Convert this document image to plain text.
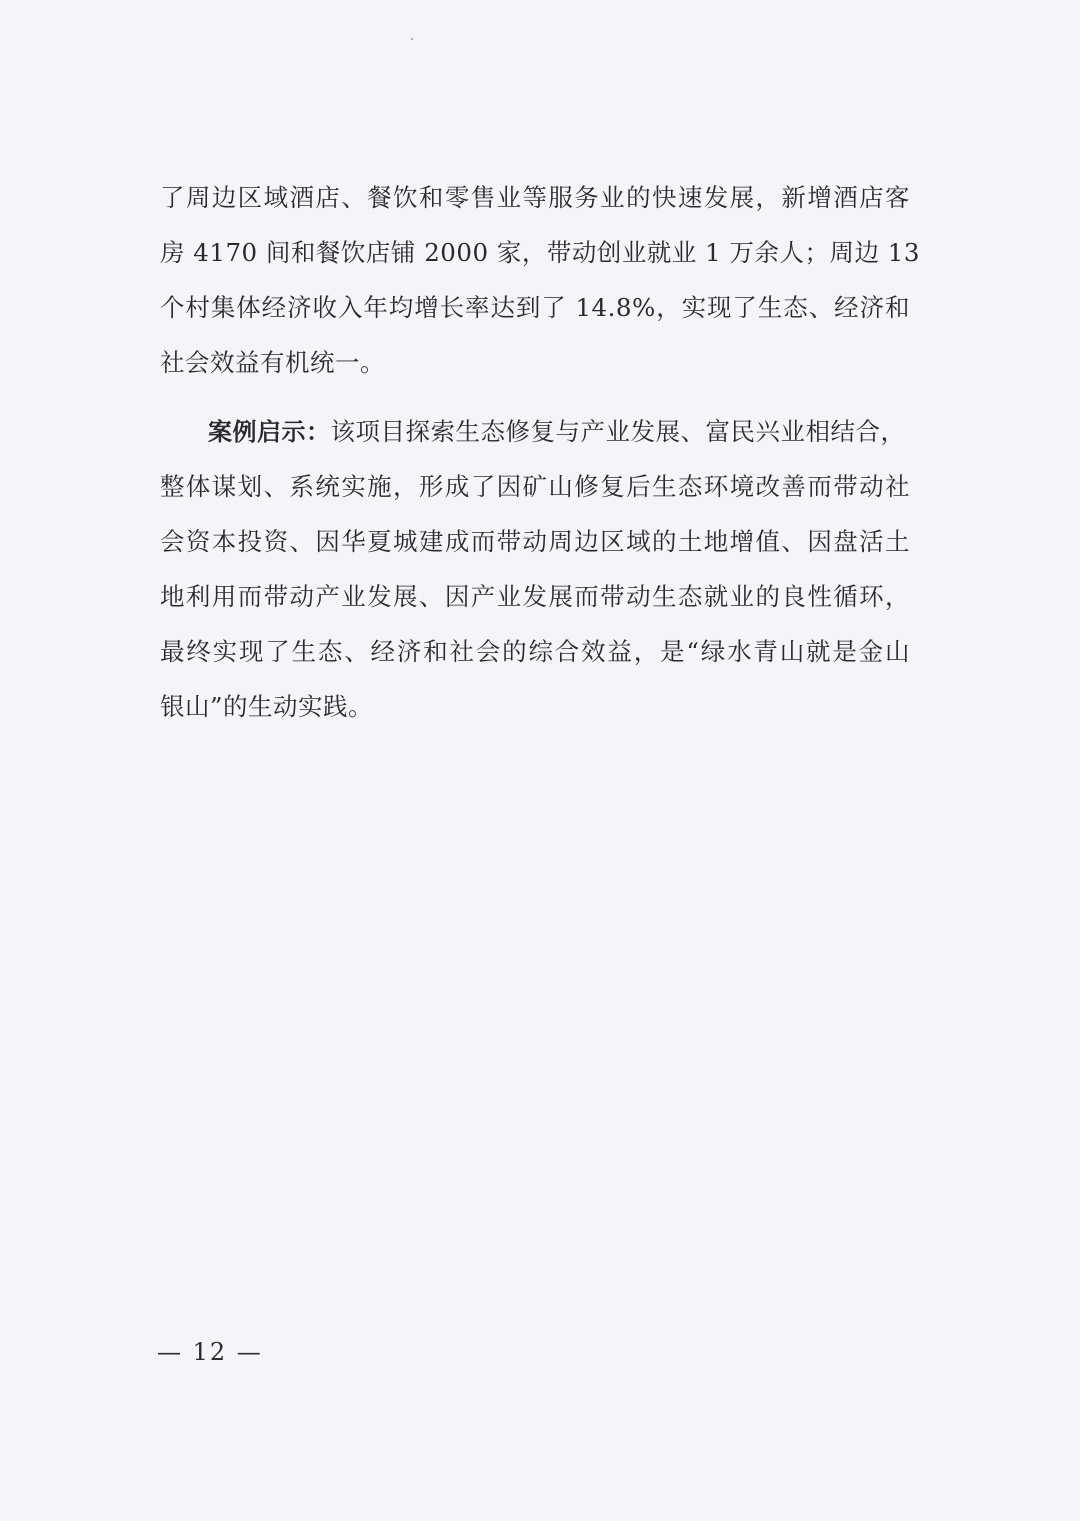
了周边区域酒店、餐饮和零售业等服务业的快速发展，新增酒店客
房 4170 间和餐饮店铺 2000 家，带动创业就业 1 万余人；周边 13
个村集体经济收入年均增长率达到了 14.8%，实现了生态、经济和
社会效益有机统一。
案例启示：该项目探索生态修复与产业发展、富民兴业相结合，
整体谋划、系统实施，形成了因矿山修复后生态环境改善而带动社
会资本投资、因华夏城建成而带动周边区域的土地增值、因盘活土
地利用而带动产业发展、因产业发展而带动生态就业的良性循环，
最终实现了生态、经济和社会的综合效益，是“绿水青山就是金山
银山”的生动实践。
— 12 —
